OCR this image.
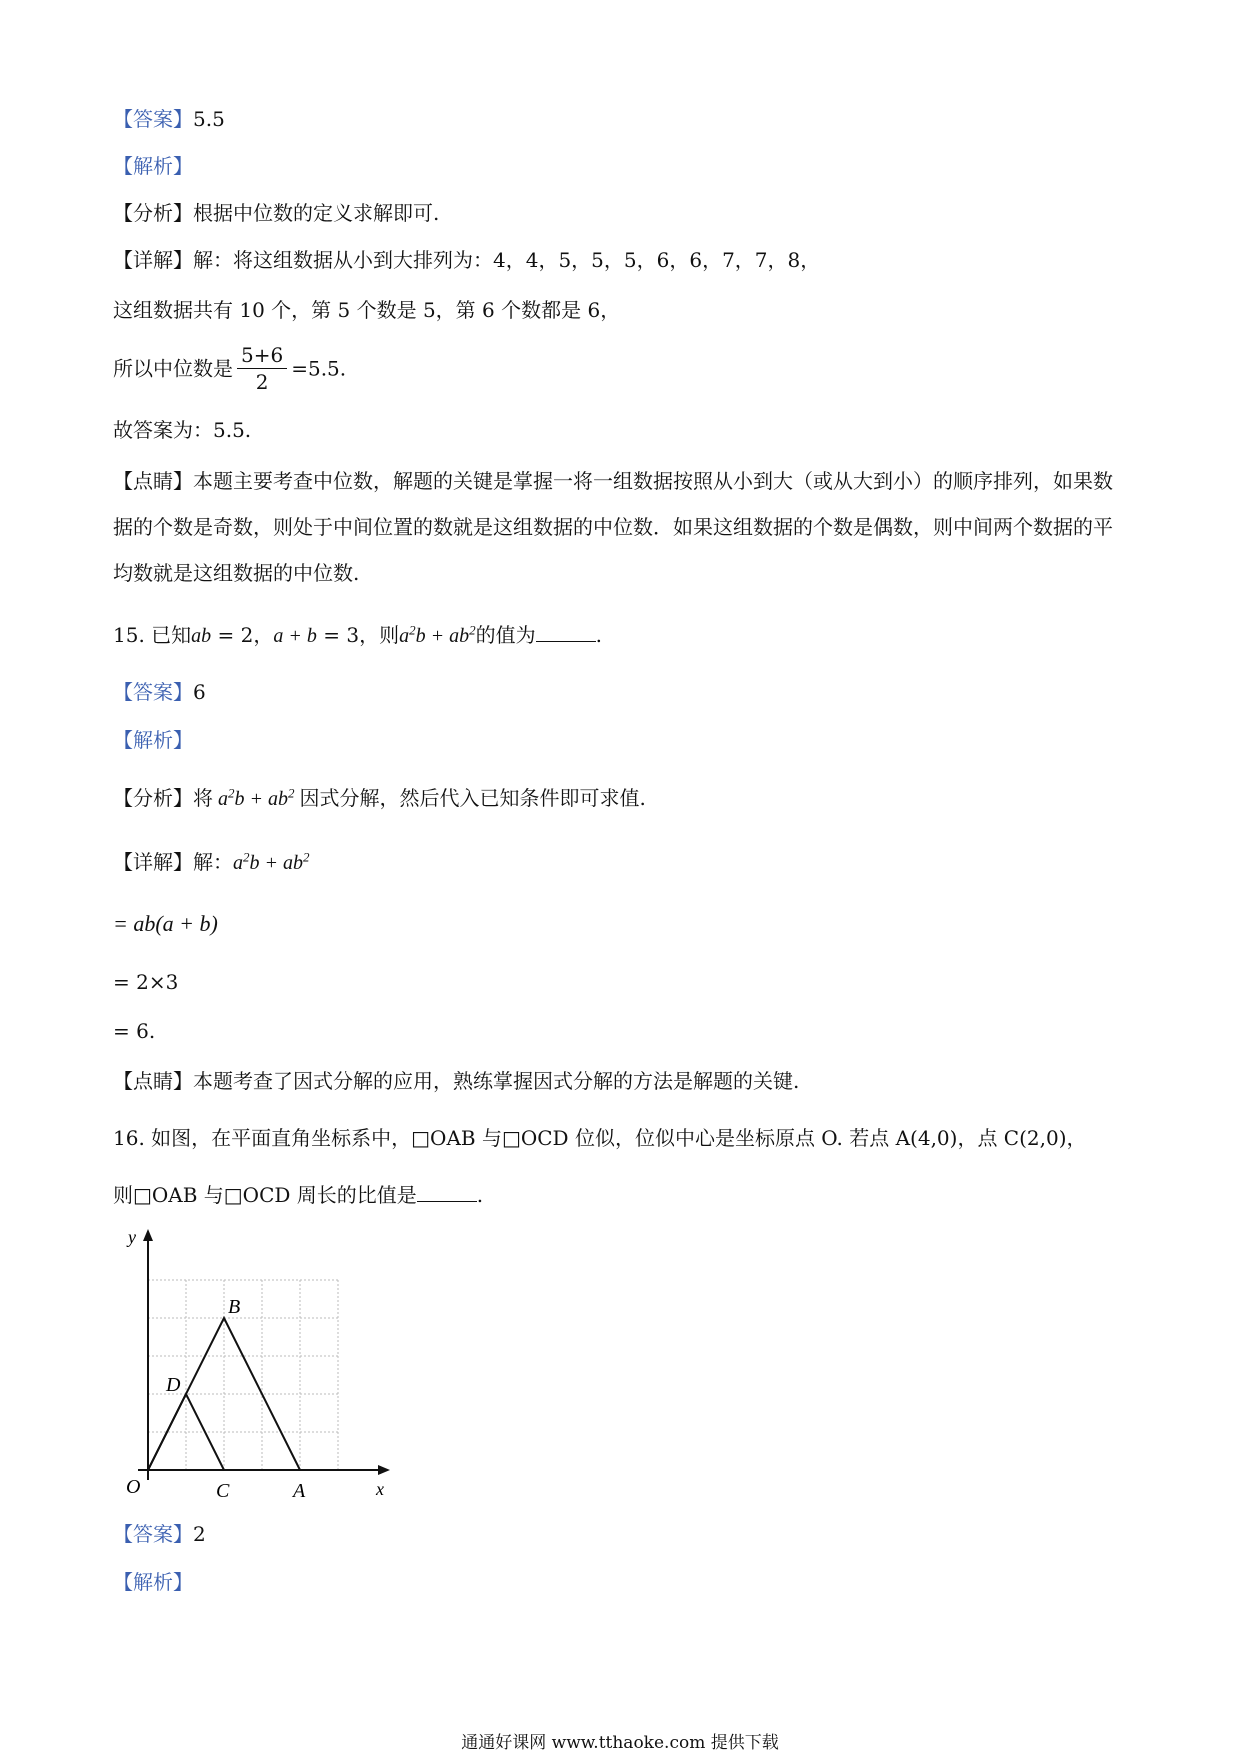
【答案】5.5
【解析】
【分析】根据中位数的定义求解即可.
【详解】解：将这组数据从小到大排列为：4，4，5，5，5，6，6，7，7，8，
这组数据共有 10 个，第 5 个数是 5，第 6 个数都是 6，
所以中位数是 $\frac{5+6}{2} =5.5$.
故答案为：5.5.
【点睛】本题主要考查中位数，解题的关键是掌握一将一组数据按照从小到大（或从大到小）的顺序排列，如果数据的个数是奇数，则处于中间位置的数就是这组数据的中位数．如果这组数据的个数是偶数，则中间两个数据的平均数就是这组数据的中位数.
15. 已知ab = 2，a + b = 3，则$a^2b + ab^2$的值为	.
【答案】6
【解析】
【分析】将 $a^2b + ab^2$ 因式分解，然后代入已知条件即可求值.
【详解】解：$a^2b + ab^2$
= ab(a + b)
= 2×3
= 6.
【点睛】本题考查了因式分解的应用，熟练掌握因式分解的方法是解题的关键.
16. 如图，在平面直角坐标系中，□OAB 与□OCD 位似，位似中心是坐标原点 O. 若点 A(4,0)，点 C(2,0)，
则□OAB 与□OCD 周长的比值是	.
y
x
O	C	A
B
D
【答案】2
【解析】
通通好课网 www.tthaoke.com 提供下载
